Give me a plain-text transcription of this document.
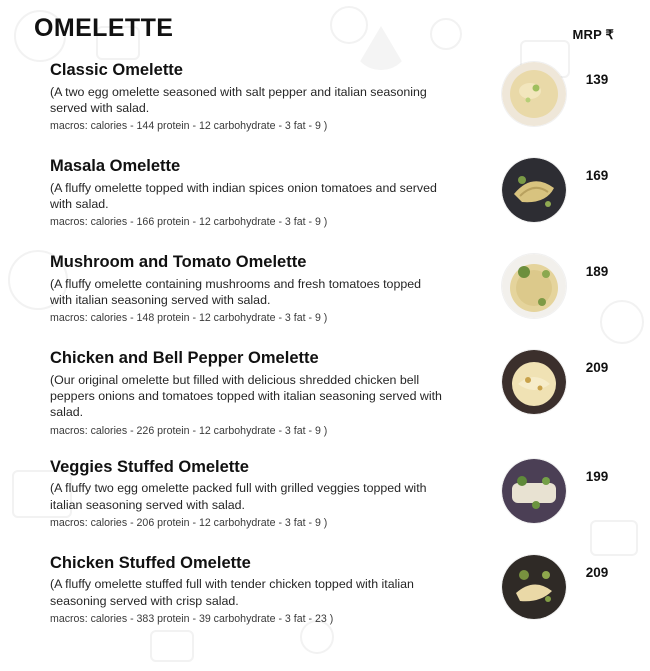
OMELETTE	MRP ₹

Classic Omelette

(A two egg omelette seasoned with salt pepper and italian seasoning served with salad.

macros: calories - 144 protein - 12 carbohydrate - 3 fat - 9 )

139

Masala Omelette

(A fluffy omelette topped with indian spices onion tomatoes and served with salad.

macros: calories - 166 protein - 12 carbohydrate - 3 fat - 9 )

169

Mushroom and Tomato Omelette

(A fluffy omelette containing mushrooms and fresh tomatoes topped with italian seasoning served with salad.

macros: calories - 148 protein - 12 carbohydrate - 3 fat - 9 )

189

Chicken and Bell Pepper Omelette

(Our original omelette but filled with delicious shredded chicken bell peppers onions and tomatoes topped with italian seasoning served with salad.

macros: calories - 226 protein - 12 carbohydrate - 3 fat - 9 )

209

Veggies Stuffed Omelette

(A fluffy two egg omelette packed full with grilled veggies topped with italian seasoning served with salad.

macros: calories - 206 protein - 12 carbohydrate - 3 fat - 9 )

199

Chicken Stuffed Omelette

(A fluffy omelette stuffed full with tender chicken topped with italian seasoning served with crisp salad.

macros: calories - 383 protein - 39 carbohydrate - 3 fat - 23 )

209
